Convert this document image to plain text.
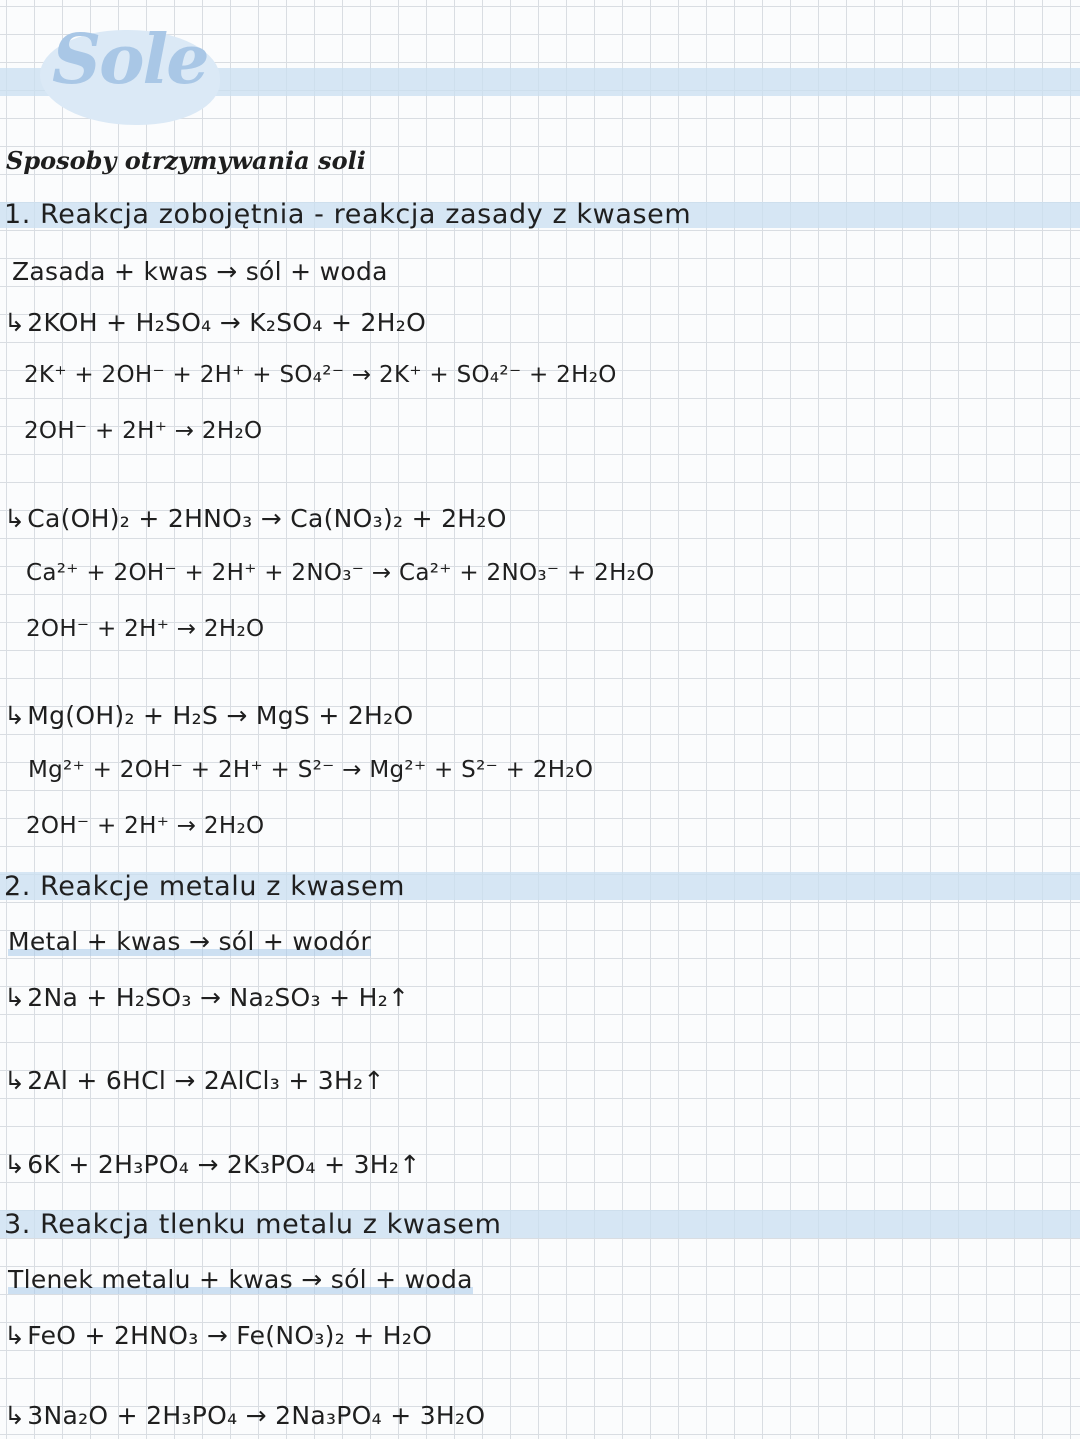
Sole
Sposoby otrzymywania soli
1. Reakcja zobojętnia - reakcja zasady z kwasem
Zasada + kwas → sól + woda
↳2KOH + H₂SO₄ → K₂SO₄ + 2H₂O
2K⁺ + 2OH⁻ + 2H⁺ + SO₄²⁻ → 2K⁺ + SO₄²⁻ + 2H₂O
2OH⁻ + 2H⁺ → 2H₂O
↳Ca(OH)₂ + 2HNO₃ → Ca(NO₃)₂ + 2H₂O
Ca²⁺ + 2OH⁻ + 2H⁺ + 2NO₃⁻ → Ca²⁺ + 2NO₃⁻ + 2H₂O
2OH⁻ + 2H⁺ → 2H₂O
↳Mg(OH)₂ + H₂S → MgS + 2H₂O
Mg²⁺ + 2OH⁻ + 2H⁺ + S²⁻ → Mg²⁺ + S²⁻ + 2H₂O
2OH⁻ + 2H⁺ → 2H₂O
2. Reakcje metalu z kwasem
Metal + kwas → sól + wodór
↳2Na + H₂SO₃ → Na₂SO₃ + H₂↑
↳2Al + 6HCl → 2AlCl₃ + 3H₂↑
↳6K + 2H₃PO₄ → 2K₃PO₄ + 3H₂↑
3. Reakcja tlenku metalu z kwasem
Tlenek metalu + kwas → sól + woda
↳FeO + 2HNO₃ → Fe(NO₃)₂ + H₂O
↳3Na₂O + 2H₃PO₄ → 2Na₃PO₄ + 3H₂O
